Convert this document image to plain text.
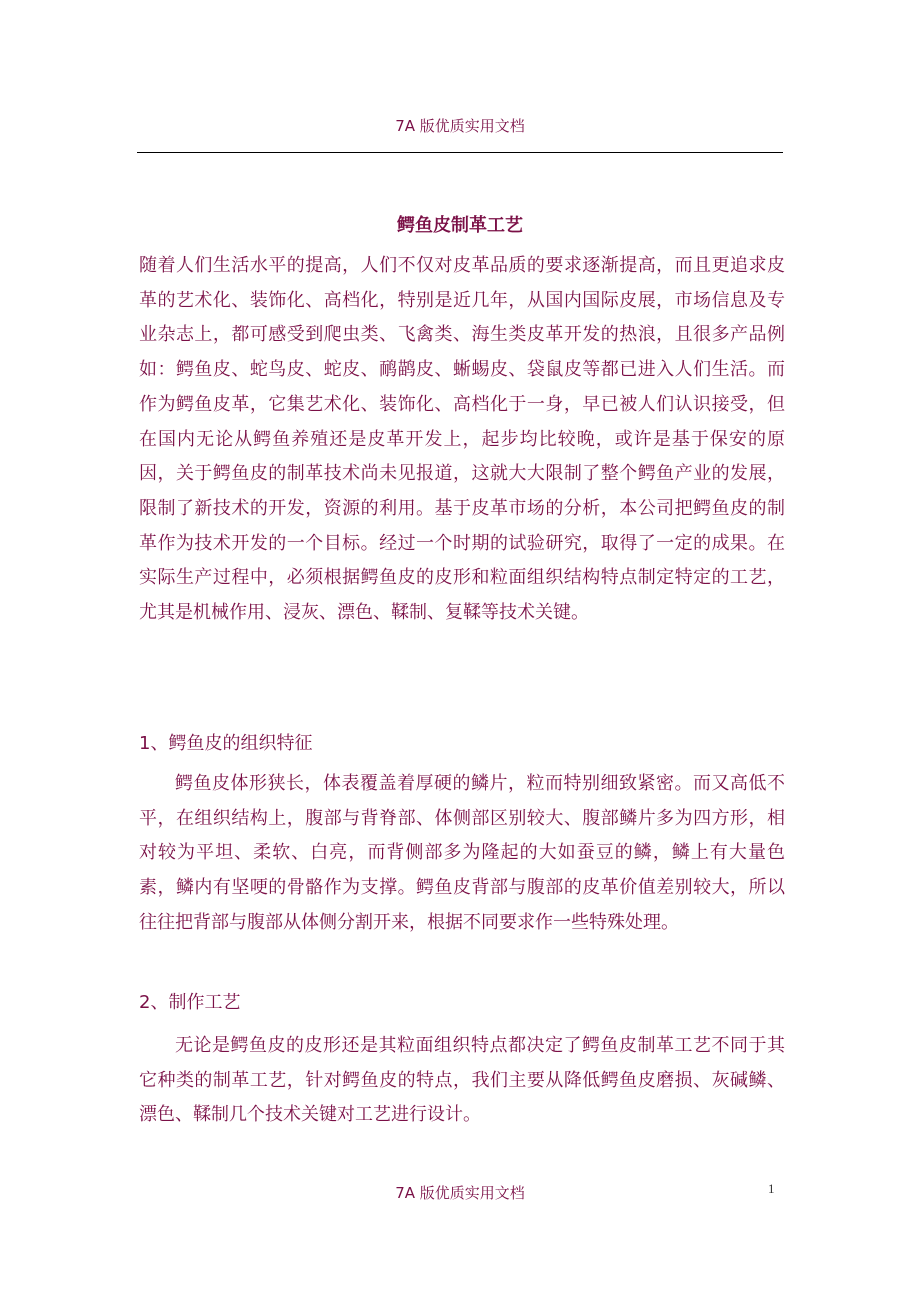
7A 版优质实用文档
鳄鱼皮制革工艺
随着人们生活水平的提高，人们不仅对皮革品质的要求逐渐提高，而且更追求皮革的艺术化、装饰化、高档化，特别是近几年，从国内国际皮展，市场信息及专业杂志上，都可感受到爬虫类、飞禽类、海生类皮革开发的热浪，且很多产品例如：鳄鱼皮、蛇鸟皮、蛇皮、鸸鹋皮、蜥蜴皮、袋鼠皮等都已进入人们生活。而作为鳄鱼皮革，它集艺术化、装饰化、高档化于一身，早已被人们认识接受，但在国内无论从鳄鱼养殖还是皮革开发上，起步均比较晚，或许是基于保安的原因，关于鳄鱼皮的制革技术尚未见报道，这就大大限制了整个鳄鱼产业的发展，限制了新技术的开发，资源的利用。基于皮革市场的分析，本公司把鳄鱼皮的制革作为技术开发的一个目标。经过一个时期的试验研究，取得了一定的成果。在实际生产过程中，必须根据鳄鱼皮的皮形和粒面组织结构特点制定特定的工艺，尤其是机械作用、浸灰、漂色、鞣制、复鞣等技术关键。
1、鳄鱼皮的组织特征
鳄鱼皮体形狭长，体表覆盖着厚硬的鳞片，粒而特别细致紧密。而又高低不平，在组织结构上，腹部与背脊部、体侧部区别较大、腹部鳞片多为四方形，相对较为平坦、柔软、白亮，而背侧部多为隆起的大如蚕豆的鳞，鳞上有大量色素，鳞内有坚哽的骨骼作为支撑。鳄鱼皮背部与腹部的皮革价值差别较大，所以往往把背部与腹部从体侧分割开来，根据不同要求作一些特殊处理。
2、制作工艺
无论是鳄鱼皮的皮形还是其粒面组织特点都决定了鳄鱼皮制革工艺不同于其它种类的制革工艺，针对鳄鱼皮的特点，我们主要从降低鳄鱼皮磨损、灰碱鳞、漂色、鞣制几个技术关键对工艺进行设计。
7A 版优质实用文档	1
